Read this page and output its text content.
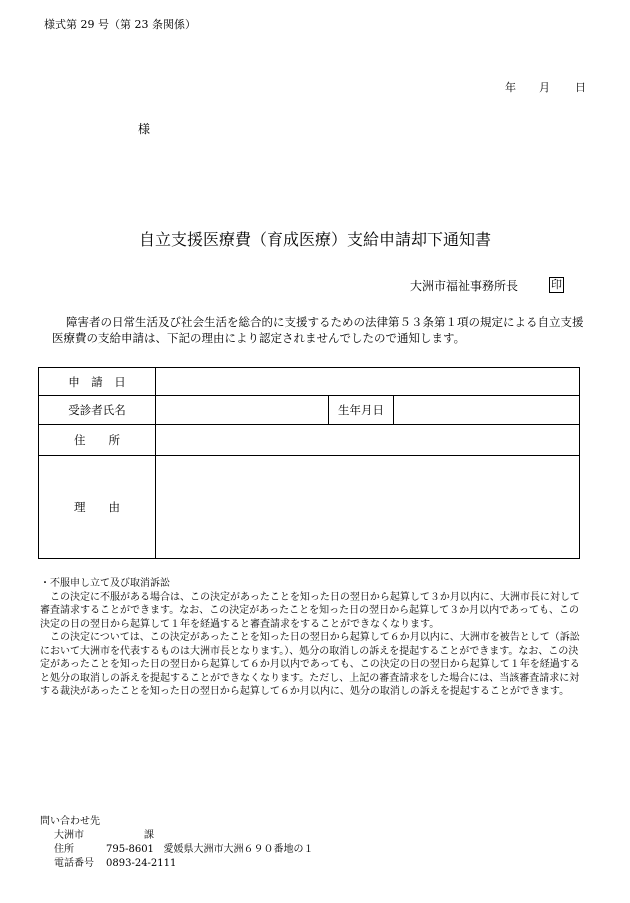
様式第 29 号（第 23 条関係）
年 月 日
様
自立支援医療費（育成医療）支給申請却下通知書
大洲市福祉事務所長	印

障害者の日常生活及び社会生活を総合的に支援するための法律第５３条第１項の規定による自立支援医療費の支給申請は、下記の理由により認定されませんでしたので通知します。

申　請　日			
受診者氏名		生年月日	
住　　所			
理　　由			

・不服申し立て及び取消訴訟

この決定に不服がある場合は、この決定があったことを知った日の翌日から起算して３か月以内に、大洲市長に対して審査請求することができます。なお、この決定があったことを知った日の翌日から起算して３か月以内であっても、この決定の日の翌日から起算して１年を経過すると審査請求をすることができなくなります。

この決定については、この決定があったことを知った日の翌日から起算して６か月以内に、大洲市を被告として（訴訟において大洲市を代表するものは大洲市長となります。）、処分の取消しの訴えを提起することができます。なお、この決定があったことを知った日の翌日から起算して６か月以内であっても、この決定の日の翌日から起算して１年を経過すると処分の取消しの訴えを提起することができなくなります。ただし、上記の審査請求をした場合には、当該審査請求に対する裁決があったことを知った日の翌日から起算して６か月以内に、処分の取消しの訴えを提起することができます。

問い合わせ先
大洲市	課
住所	795-8601 愛媛県大洲市大洲６９０番地の１
電話番号 0893-24-2111
